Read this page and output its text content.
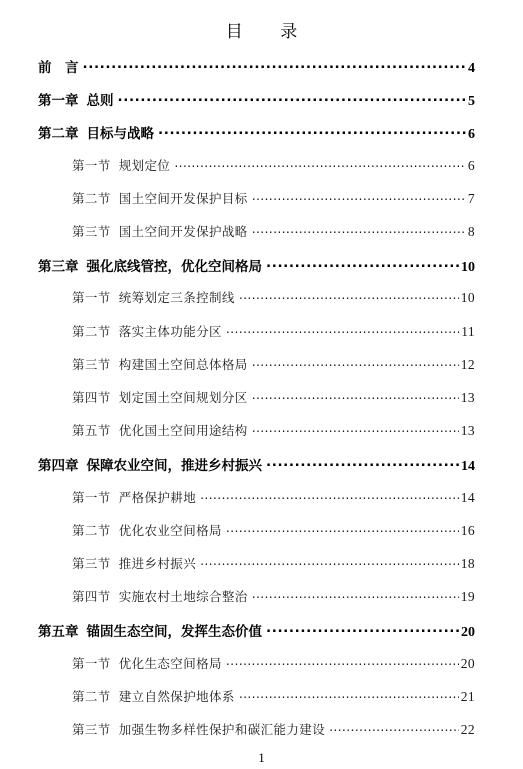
目 录
前　言 .....	4
第一章 总则 .....	5
第二章 目标与战略 .....	6
第一节 规划定位 .....	6
第二节 国土空间开发保护目标 .....	7
第三节 国土空间开发保护战略 .....	8
第三章 强化底线管控，优化空间格局 .....	10
第一节 统筹划定三条控制线 .....	10
第二节 落实主体功能分区 .....	11
第三节 构建国土空间总体格局 .....	12
第四节 划定国土空间规划分区 .....	13
第五节 优化国土空间用途结构 .....	13
第四章 保障农业空间，推进乡村振兴 .....	14
第一节 严格保护耕地 .....	14
第二节 优化农业空间格局 .....	16
第三节 推进乡村振兴 .....	18
第四节 实施农村土地综合整治 .....	19
第五章 锚固生态空间，发挥生态价值 .....	20
第一节 优化生态空间格局 .....	20
第二节 建立自然保护地体系 .....	21
第三节 加强生物多样性保护和碳汇能力建设 .....	22
1
